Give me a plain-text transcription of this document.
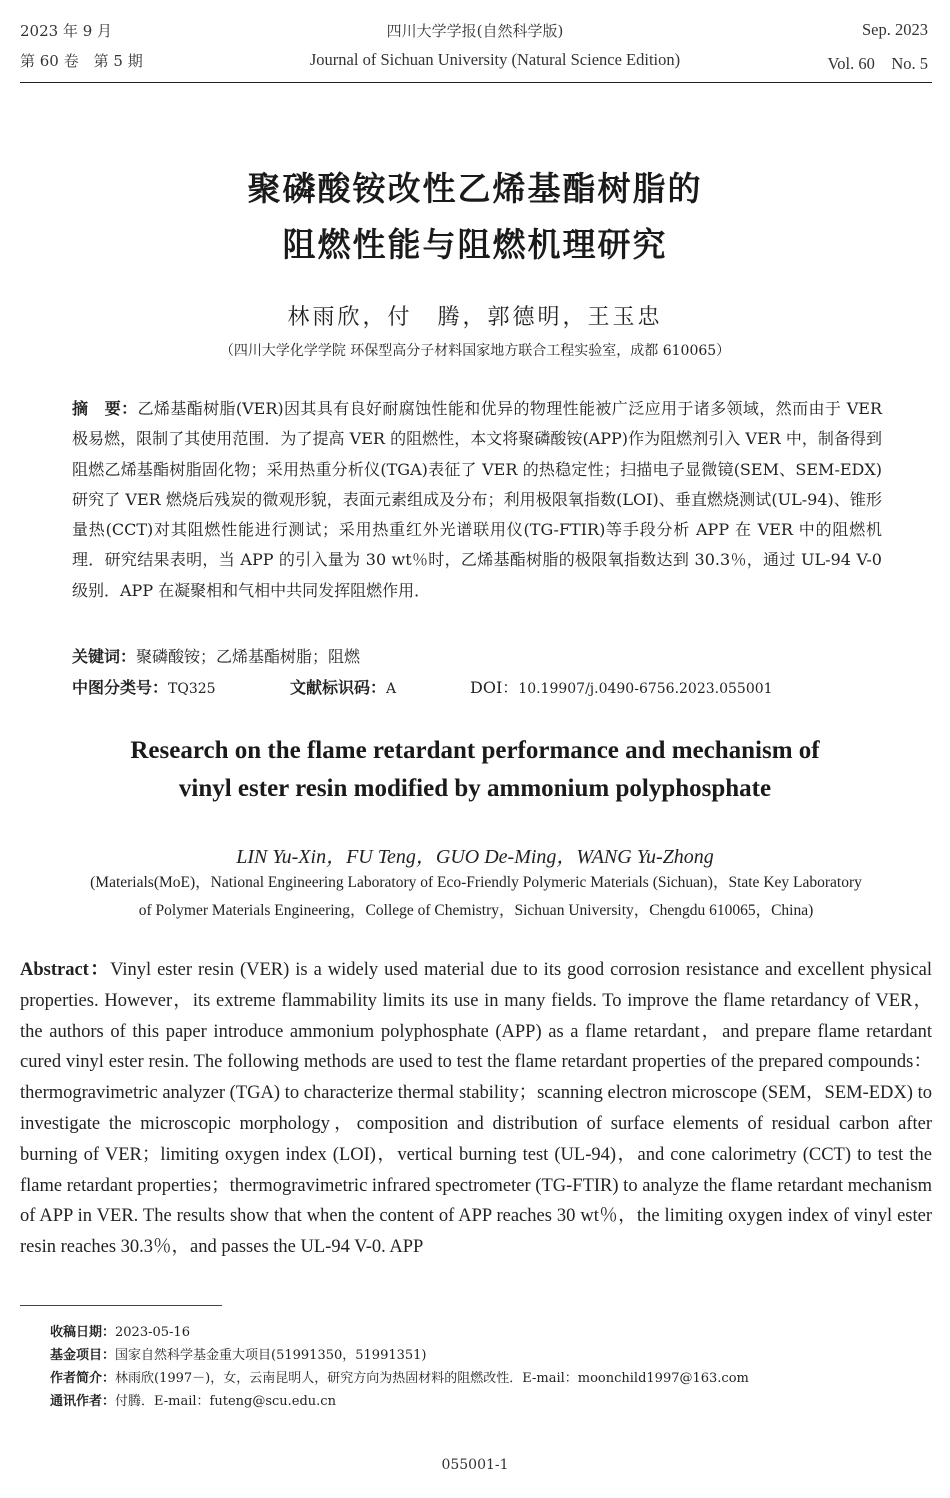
2023 年 9 月
第 60 卷　第 5 期
四川大学学报(自然科学版)
Journal of Sichuan University (Natural Science Edition)
Sep. 2023
Vol. 60　No. 5
聚磷酸铵改性乙烯基酯树脂的
阻燃性能与阻燃机理研究
林雨欣，付　腾，郭德明，王玉忠
（四川大学化学学院 环保型高分子材料国家地方联合工程实验室，成都 610065）
摘　要：乙烯基酯树脂(VER)因其具有良好耐腐蚀性能和优异的物理性能被广泛应用于诸多领域，然而由于 VER 极易燃，限制了其使用范围．为了提高 VER 的阻燃性，本文将聚磷酸铵(APP)作为阻燃剂引入 VER 中，制备得到阻燃乙烯基酯树脂固化物；采用热重分析仪(TGA)表征了 VER 的热稳定性；扫描电子显微镜(SEM、SEM-EDX)研究了 VER 燃烧后残炭的微观形貌，表面元素组成及分布；利用极限氧指数(LOI)、垂直燃烧测试(UL-94)、锥形量热(CCT)对其阻燃性能进行测试；采用热重红外光谱联用仪(TG-FTIR)等手段分析 APP 在 VER 中的阻燃机理．研究结果表明，当 APP 的引入量为 30 wt％时，乙烯基酯树脂的极限氧指数达到 30.3％，通过 UL-94 V-0 级别．APP 在凝聚相和气相中共同发挥阻燃作用．
关键词：聚磷酸铵；乙烯基酯树脂；阻燃
中图分类号：TQ325	文献标识码：A	DOI：10.19907/j.0490-6756.2023.055001
Research on the flame retardant performance and mechanism of
vinyl ester resin modified by ammonium polyphosphate
LIN Yu-Xin，FU Teng，GUO De-Ming，WANG Yu-Zhong
(Materials(MoE)，National Engineering Laboratory of Eco-Friendly Polymeric Materials (Sichuan)，State Key Laboratory
of Polymer Materials Engineering，College of Chemistry，Sichuan University，Chengdu 610065，China)
Abstract：Vinyl ester resin (VER) is a widely used material due to its good corrosion resistance and excellent physical properties. However，its extreme flammability limits its use in many fields. To improve the flame retardancy of VER，the authors of this paper introduce ammonium polyphosphate (APP) as a flame retardant，and prepare flame retardant cured vinyl ester resin. The following methods are used to test the flame retardant properties of the prepared compounds：thermogravimetric analyzer (TGA) to characterize thermal stability；scanning electron microscope (SEM，SEM-EDX) to investigate the microscopic morphology，composition and distribution of surface elements of residual carbon after burning of VER；limiting oxygen index (LOI)，vertical burning test (UL-94)，and cone calorimetry (CCT) to test the flame retardant properties；thermogravimetric infrared spectrometer (TG-FTIR) to analyze the flame retardant mechanism of APP in VER. The results show that when the content of APP reaches 30 wt％，the limiting oxygen index of vinyl ester resin reaches 30.3％，and passes the UL-94 V-0. APP
收稿日期：2023-05-16
基金项目：国家自然科学基金重大项目(51991350，51991351)
作者简介：林雨欣(1997－)，女，云南昆明人，研究方向为热固材料的阻燃改性．E-mail：moonchild1997@163.com
通讯作者：付腾．E-mail：futeng@scu.edu.cn
055001-1
